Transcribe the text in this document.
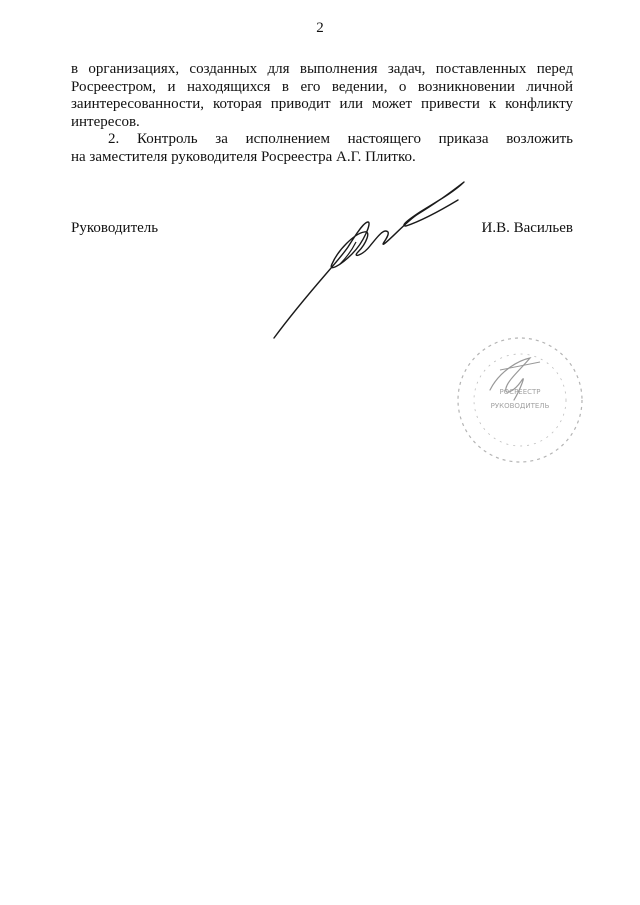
2
в организациях, созданных для выполнения задач, поставленных перед
Росреестром, и находящихся в его ведении, о возникновении личной
заинтересованности, которая приводит или может привести к конфликту
интересов.
2. Контроль за исполнением настоящего приказа возложить
на заместителя руководителя Росреестра А.Г. Плитко.
Руководитель	И.В. Васильев
РОСРЕЕСТР
РУКОВОДИТЕЛЬ
